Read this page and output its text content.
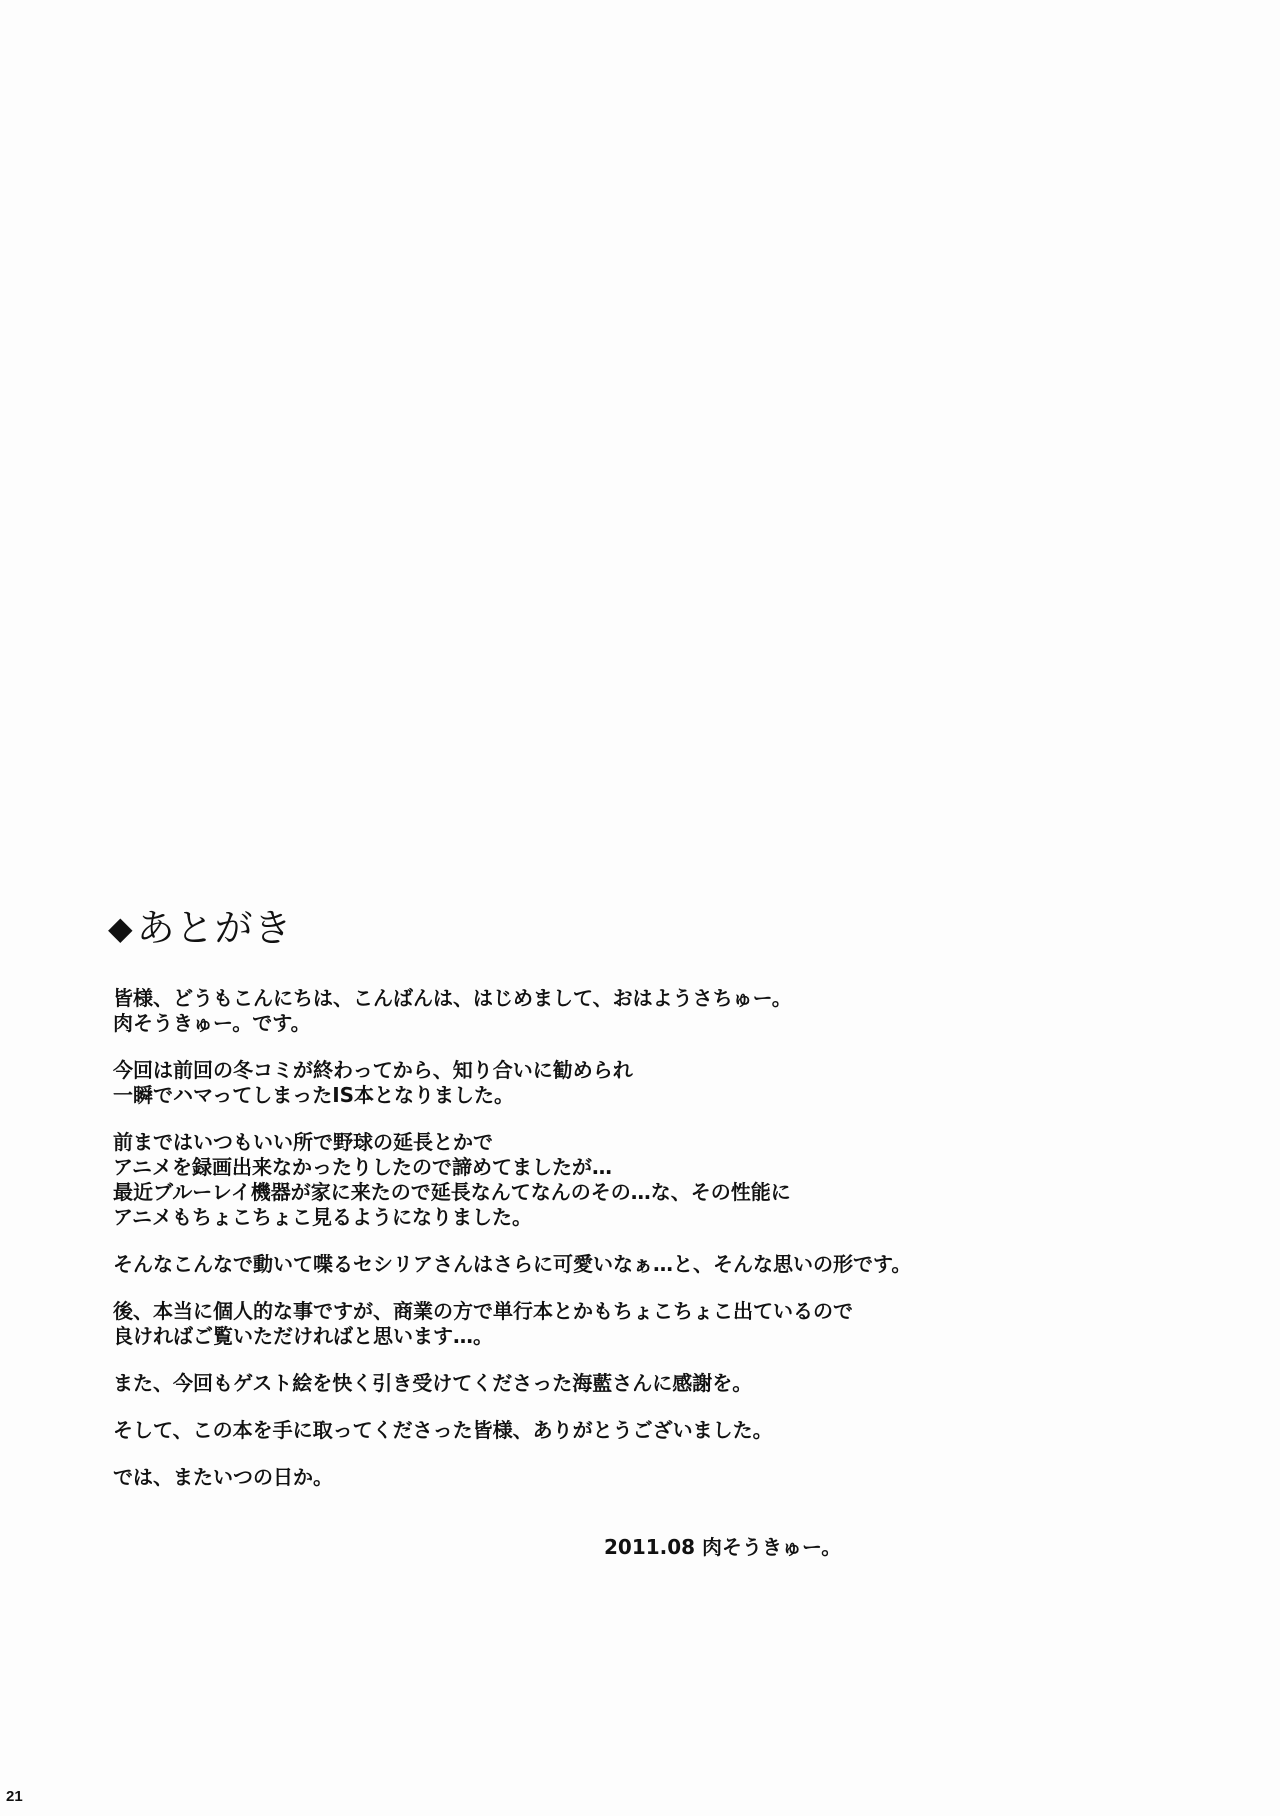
◆ あとがき
皆様、どうもこんにちは、こんばんは、はじめまして、おはようさちゅー。
肉そうきゅー。です。
今回は前回の冬コミが終わってから、知り合いに勧められ
一瞬でハマってしまったIS本となりました。
前まではいつもいい所で野球の延長とかで
アニメを録画出来なかったりしたので諦めてましたが…
最近ブルーレイ機器が家に来たので延長なんてなんのその…な、その性能に
アニメもちょこちょこ見るようになりました。
そんなこんなで動いて喋るセシリアさんはさらに可愛いなぁ…と、そんな思いの形です。
後、本当に個人的な事ですが、商業の方で単行本とかもちょこちょこ出ているので
良ければご覧いただければと思います…。
また、今回もゲスト絵を快く引き受けてくださった海藍さんに感謝を。
そして、この本を手に取ってくださった皆様、ありがとうございました。
では、またいつの日か。
2011.08 肉そうきゅー。
21
